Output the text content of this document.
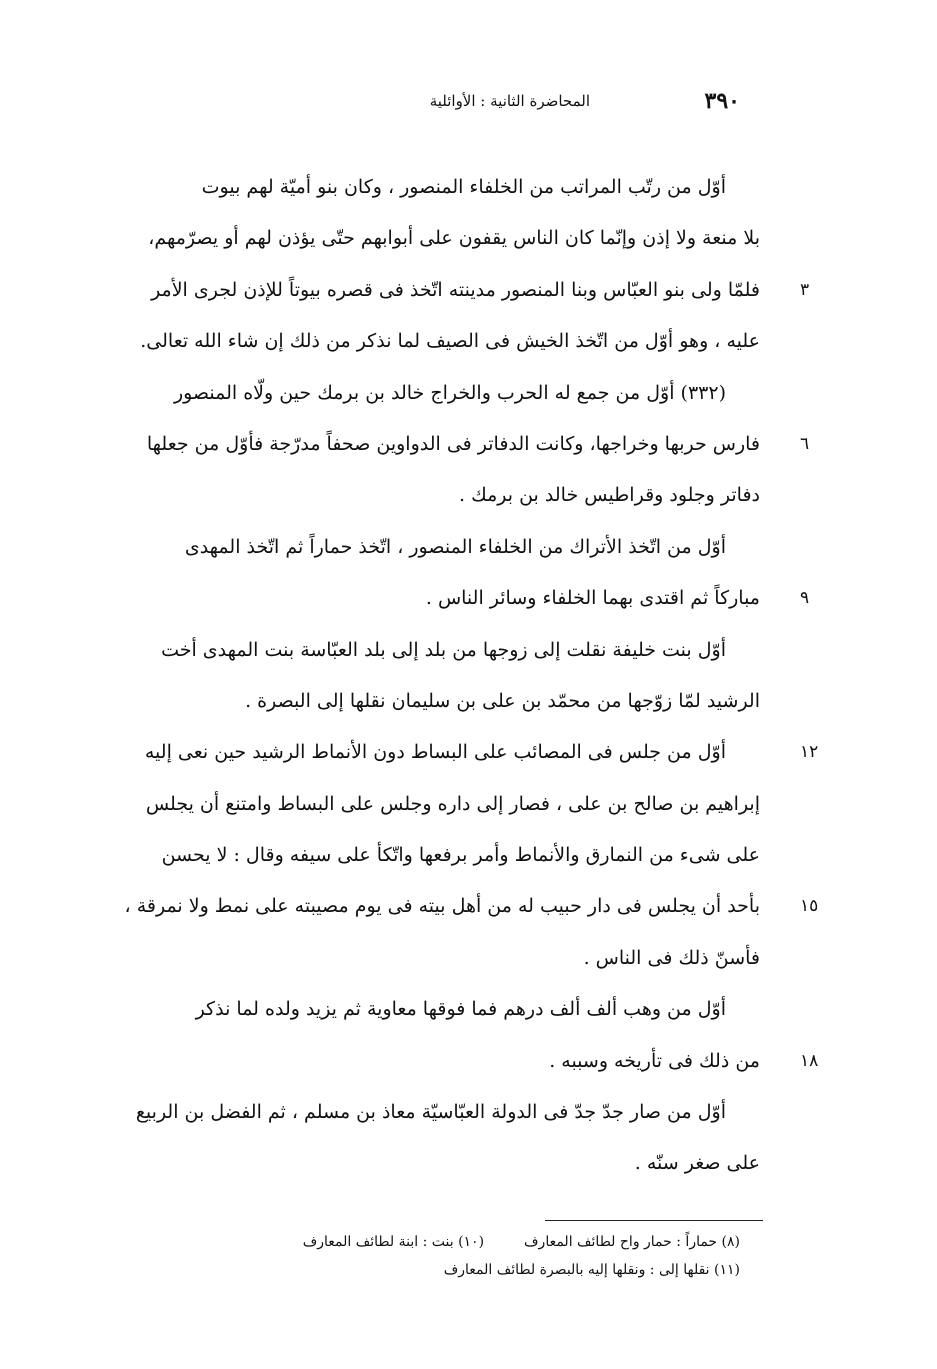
٣٩٠
المحاضرة الثانية : الأوائلية
أوّل من رتّب المراتب من الخلفاء المنصور ، وكان بنو أميّة لهم بيوت
بلا منعة ولا إذن وإنّما كان الناس يقفون على أبوابهم حتّى يؤذن لهم أو يصرّمهم،
فلمّا ولى بنو العبّاس وبنا المنصور مدينته اتّخذ فى قصره بيوتاً للإذن لجرى الأمر ٣
عليه ، وهو أوّل من اتّخذ الخيش فى الصيف لما نذكر من ذلك إن شاء الله تعالى.
(٣٣٢) أوّل من جمع له الحرب والخراج خالد بن برمك حين ولّاه المنصور
فارس حربها وخراجها، وكانت الدفاتر فى الدواوين صحفاً مدرّجة فأوّل من جعلها ٦
دفاتر وجلود وقراطيس خالد بن برمك .
أوّل من اتّخذ الأتراك من الخلفاء المنصور ، اتّخذ حماراً ثم اتّخذ المهدى
مباركاً ثم اقتدى بهما الخلفاء وسائر الناس . ٩
أوّل بنت خليفة نقلت إلى زوجها من بلد إلى بلد العبّاسة بنت المهدى أخت
الرشيد لمّا زوّجها من محمّد بن على بن سليمان نقلها إلى البصرة .
أوّل من جلس فى المصائب على البساط دون الأنماط الرشيد حين نعى إليه	١٢
إبراهيم بن صالح بن على ، فصار إلى داره وجلس على البساط وامتنع أن يجلس
على شىء من النمارق والأنماط وأمر برفعها واتّكأ على سيفه وقال : لا يحسن
بأحد أن يجلس فى دار حبيب له من أهل بيته فى يوم مصيبته على نمط ولا نمرقة ، ١٥
فأسنّ ذلك فى الناس .
أوّل من وهب ألف ألف درهم فما فوقها معاوية ثم يزيد ولده لما نذكر
من ذلك فى تأريخه وسببه . ١٨
أوّل من صار جدّ جدّ فى الدولة العبّاسيّة معاذ بن مسلم ، ثم الفضل بن الربيع
على صغر سنّه .
(٨) حماراً : حمار واح لطائف المعارف(١٠) بنت : ابنة لطائف المعارف
(١١) نقلها إلى : ونقلها إليه بالبصرة لطائف المعارف
